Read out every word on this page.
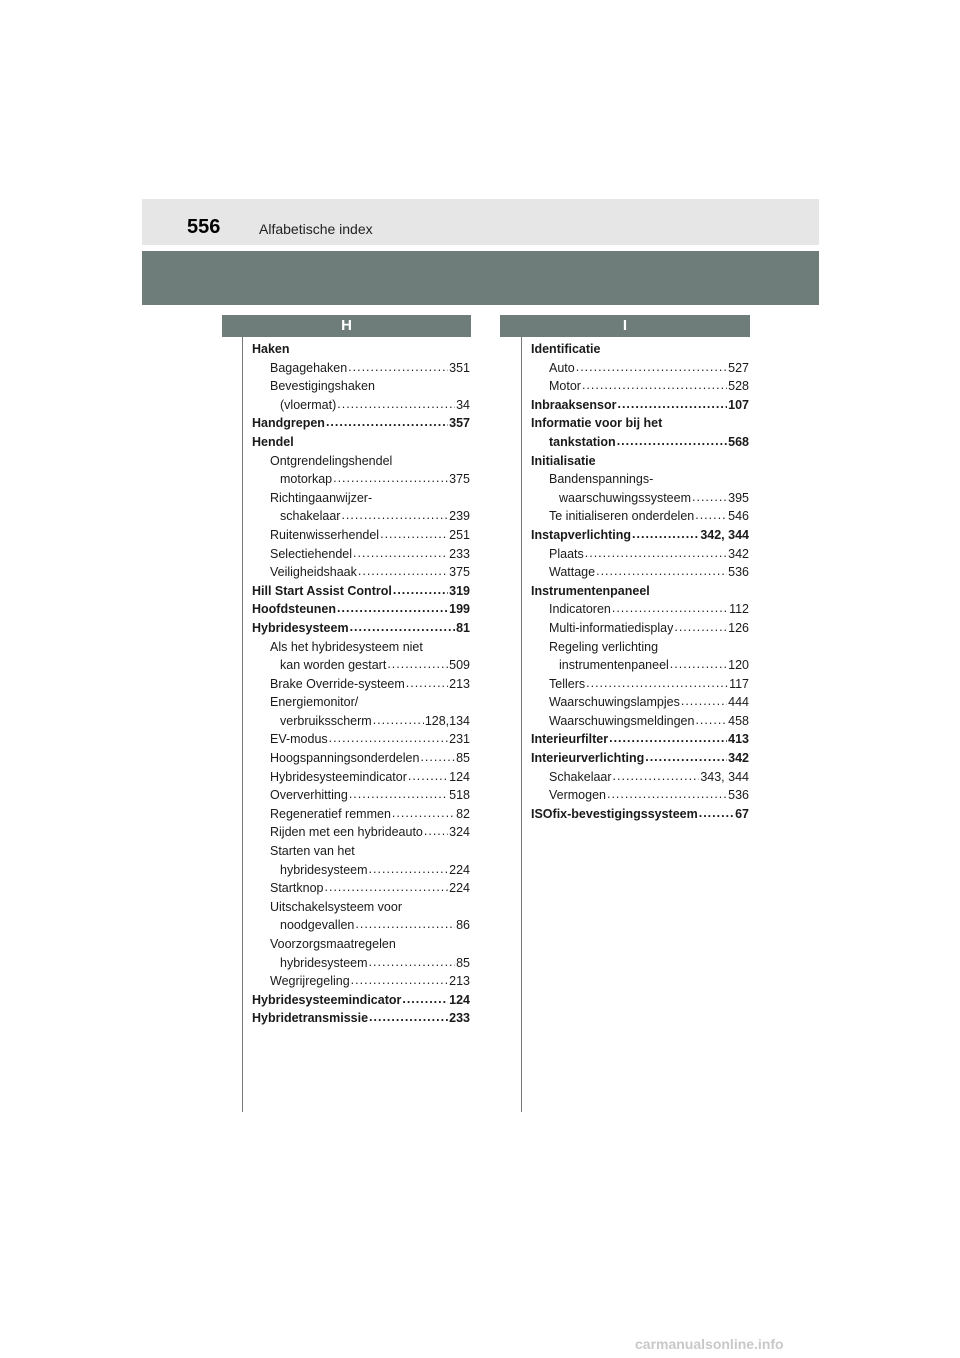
556	Alfabetische index
H	I
Haken
Bagagehaken .....	351
Bevestigingshaken
(vloermat) .....	34
Handgrepen .....	357
Hendel
Ontgrendelingshendel
motorkap .....	375
Richtingaanwijzer-
schakelaar .....	239
Ruitenwisserhendel .....	251
Selectiehendel .....	233
Veiligheidshaak .....	375
Hill Start Assist Control .....	319
Hoofdsteunen .....	199
Hybridesysteem .....	81
Als het hybridesysteem niet
kan worden gestart .....	509
Brake Override-systeem .....	213
Energiemonitor/
verbruiksscherm .....	128,134
EV-modus .....	231
Hoogspanningsonderdelen .....	85
Hybridesysteemindicator .....	124
Oververhitting .....	518
Regeneratief remmen .....	82
Rijden met een hybrideauto ..... 324
Starten van het
hybridesysteem .....	224
Startknop .....	224
Uitschakelsysteem voor
noodgevallen .....	86
Voorzorgsmaatregelen
hybridesysteem .....	85
Wegrijregeling .....	213
Hybridesysteemindicator .....	124
Hybridetransmissie .....	233
Identificatie
Auto .....	527
Motor .....	528
Inbraaksensor .....	107
Informatie voor bij het
tankstation .....	568
Initialisatie
Bandenspannings-
waarschuwingssysteem .....	395
Te initialiseren onderdelen .....	546
Instapverlichting .....	342, 344
Plaats .....	342
Wattage .....	536
Instrumentenpaneel
Indicatoren .....	112
Multi-informatiedisplay .....	126
Regeling verlichting
instrumentenpaneel .....	120
Tellers .....	117
Waarschuwingslampjes .....	444
Waarschuwingsmeldingen .....	458
Interieurfilter .....	413
Interieurverlichting .....	342
Schakelaar .....	343, 344
Vermogen .....	536
ISOfix-bevestigingssysteem .....	67
carmanualsonline.info
